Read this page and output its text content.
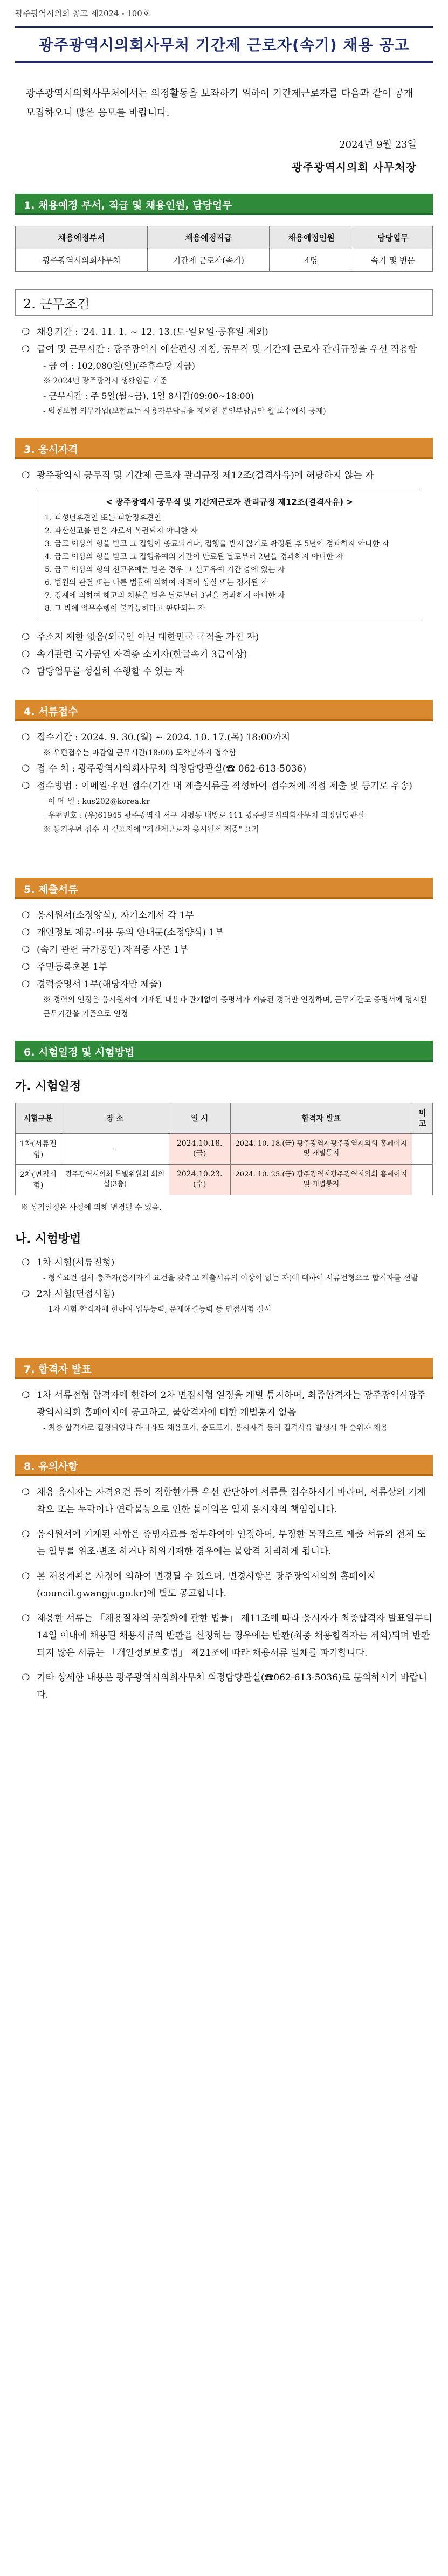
광주광역시의회 공고 제2024 - 100호
광주광역시의회사무처 기간제 근로자(속기) 채용 공고
광주광역시의회사무처에서는 의정활동을 보좌하기 위하여 기간제근로자를 다음과 같이 공개 모집하오니 많은 응모를 바랍니다.
2024년 9월 23일
광주광역시의회 사무처장
1. 채용예정 부서, 직급 및 채용인원, 담당업무
채용예정부서	채용예정직급	채용예정인원	담당업무
광주광역시의회사무처	기간제 근로자(속기)	4명	속기 및 번문
2. 근무조건
❍ 채용기간 : '24. 11. 1. ~ 12. 13.(토·일요일·공휴일 제외)
❍ 급여 및 근무시간 : 광주광역시 예산편성 지침, 공무직 및 기간제 근로자 관리규정을 우선 적용함
- 급 여 : 102,080원(일)(주휴수당 지급)
※ 2024년 광주광역시 생활임금 기준
- 근무시간 : 주 5일(월~금), 1일 8시간(09:00~18:00)
- 법정보험 의무가입(보험료는 사용자부담금을 제외한 본인부담금만 월 보수에서 공제)
3. 응시자격
❍ 광주광역시 공무직 및 기간제 근로자 관리규정 제12조(결격사유)에 해당하지 않는 자
< 광주광역시 공무직 및 기간제근로자 관리규정 제12조(결격사유) >
1. 피성년후견인 또는 피한정후견인
2. 파산선고를 받은 자로서 복권되지 아니한 자
3. 금고 이상의 형을 받고 그 집행이 종료되거나, 집행을 받지 않기로 확정된 후 5년이 경과하지 아니한 자
4. 금고 이상의 형을 받고 그 집행유예의 기간이 만료된 날로부터 2년을 경과하지 아니한 자
5. 금고 이상의 형의 선고유예를 받은 경우 그 선고유예 기간 중에 있는 자
6. 법원의 판결 또는 다른 법률에 의하여 자격이 상실 또는 정지된 자
7. 징계에 의하여 해고의 처분을 받은 날로부터 3년을 경과하지 아니한 자
8. 그 밖에 업무수행이 불가능하다고 판단되는 자
❍ 주소지 제한 없음(외국인 아닌 대한민국 국적을 가진 자)
❍ 속기관련 국가공인 자격증 소지자(한글속기 3급이상)
❍ 담당업무를 성실히 수행할 수 있는 자
4. 서류접수
❍ 접수기간 : 2024. 9. 30.(월) ~ 2024. 10. 17.(목) 18:00까지
※ 우편접수는 마감일 근무시간(18:00) 도착분까지 접수함
❍ 접 수 처 : 광주광역시의회사무처 의정담당관실(☎ 062-613-5036)
❍ 접수방법 : 이메일·우편 접수(기간 내 제출서류를 작성하여 접수처에 직접 제출 및 등기로 우송)
- 이 메 일 : kus202@korea.kr
- 우편번호 : (우)61945 광주광역시 서구 치평동 내방로 111 광주광역시의회사무처 의정담당관실
※ 등기우편 접수 시 겉표지에 "기간제근로자 응시원서 재중" 표기
5. 제출서류
❍ 응시원서(소정양식), 자기소개서 각 1부
❍ 개인정보 제공·이용 동의 안내문(소정양식) 1부
❍ (속기 관련 국가공인) 자격증 사본 1부
❍ 주민등록초본 1부
❍ 경력증명서 1부(해당자만 제출)
※ 경력의 인정은 응시원서에 기재된 내용과 관계없이 증명서가 제출된 경력만 인정하며, 근무기간도 증명서에 명시된 근무기간을 기준으로 인정
6. 시험일정 및 시험방법
가. 시험일정
시험구분	장 소	일 시	합격자 발표	비 고
1차(서류전형)	-	2024.10.18.(금)	2024. 10. 18.(금) 광주광역시광주광역시의회 홈페이지 및 개별통지	
2차(면접시험)	광주광역시의회 특별위원회 회의실(3층)	2024.10.23.(수)	2024. 10. 25.(금) 광주광역시광주광역시의회 홈페이지 및 개별통지	
※ 상기일정은 사정에 의해 변경될 수 있음.
나. 시험방법
❍ 1차 시험(서류전형)
- 형식요건 심사 충족자(응시자격 요건을 갖추고 제출서류의 이상이 없는 자)에 대하여 서류전형으로 합격자를 선발
❍ 2차 시험(면접시험)
- 1차 시험 합격자에 한하여 업무능력, 문제해결능력 등 면접시험 실시
7. 합격자 발표
❍ 1차 서류전형 합격자에 한하여 2차 면접시험 일정을 개별 통지하며, 최종합격자는 광주광역시광주광역시의회 홈페이지에 공고하고, 불합격자에 대한 개별통지 없음
- 최종 합격자로 결정되었다 하더라도 채용포기, 중도포기, 응시자격 등의 결격사유 발생시 차 순위자 채용
8. 유의사항
❍ 채용 응시자는 자격요건 등이 적합한가를 우선 판단하여 서류를 접수하시기 바라며, 서류상의 기재 착오 또는 누락이나 연락불능으로 인한 불이익은 일체 응시자의 책임입니다.
❍ 응시원서에 기재된 사항은 증빙자료를 첨부하여야 인정하며, 부정한 목적으로 제출 서류의 전체 또는 일부를 위조·변조 하거나 허위기재한 경우에는 불합격 처리하게 됩니다.
❍ 본 채용계획은 사정에 의하여 변경될 수 있으며, 변경사항은 광주광역시의회 홈페이지(council.gwangju.go.kr)에 별도 공고합니다.
❍ 채용한 서류는 「채용절차의 공정화에 관한 법률」 제11조에 따라 응시자가 최종합격자 발표일부터 14일 이내에 채용된 채용서류의 반환을 신청하는 경우에는 반환(최종 채용합격자는 제외)되며 반환되지 않은 서류는 「개인정보보호법」 제21조에 따라 채용서류 일체를 파기합니다.
❍ 기타 상세한 내용은 광주광역시의회사무처 의정담당관실(☎062-613-5036)로 문의하시기 바랍니다.
